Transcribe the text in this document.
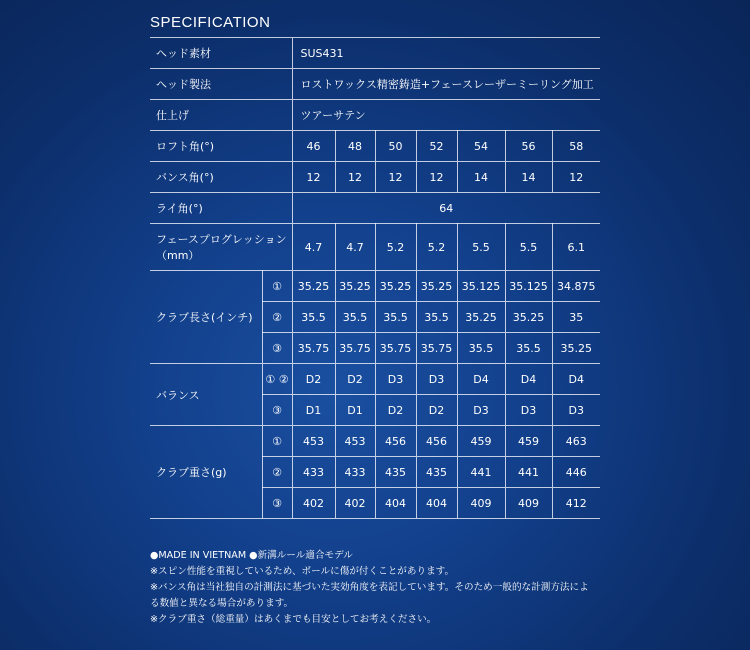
SPECIFICATION
ヘッド素材		SUS431						
ヘッド製法		ロストワックス精密鋳造+フェースレーザーミーリング加工						
仕上げ		ツアーサテン						
ロフト角(°)		46	48	50	52	54	56	58
バンス角(°)		12	12	12	12	14	14	12
ライ角(°)		64						

フェースプログレッション
（mm）		4.7	4.7	5.2	5.2	5.5	5.5	6.1
クラブ長さ(インチ)	①	35.25	35.25	35.25	35.25	35.125	35.125	34.875
	②	35.5	35.5	35.5	35.5	35.25	35.25	35
	③	35.75	35.75	35.75	35.75	35.5	35.5	35.25
バランス	① ②	D2	D2	D3	D3	D4	D4	D4
	③	D1	D1	D2	D2	D3	D3	D3
クラブ重さ(g)	①	453	453	456	456	459	459	463
	②	433	433	435	435	441	441	446
	③	402	402	404	404	409	409	412
●MADE IN VIETNAM ●新溝ルール適合モデル
※スピン性能を重視しているため、ボールに傷が付くことがあります。
※バンス角は当社独自の計測法に基づいた実効角度を表記しています。そのため一般的な計測方法によ
る数値と異なる場合があります。
※クラブ重さ（総重量）はあくまでも目安としてお考えください。
